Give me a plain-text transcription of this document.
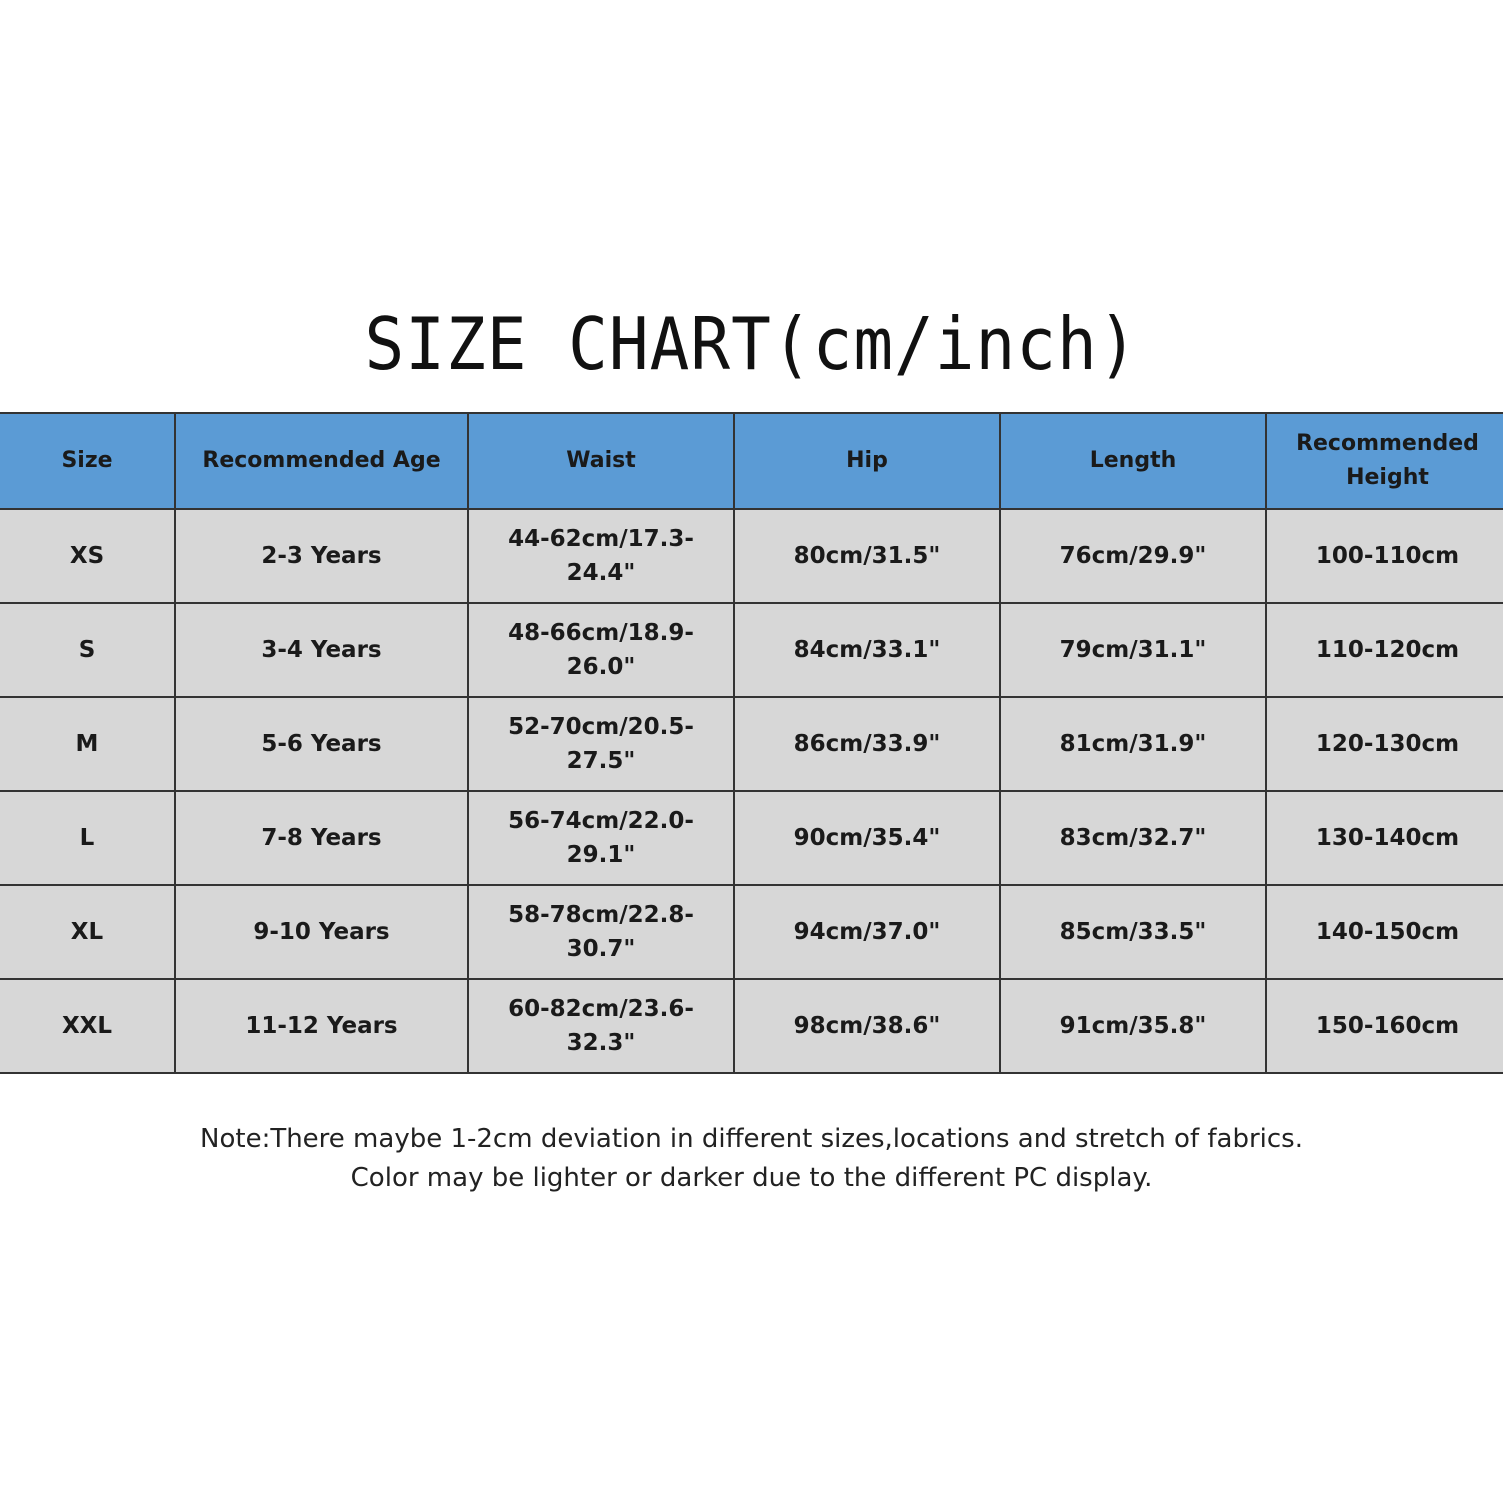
SIZE CHART(cm/inch)
Size	Recommended Age	Waist	Hip	Length	Recommended Height
XS	2-3 Years	44-62cm/17.3-24.4"	80cm/31.5"	76cm/29.9"	100-110cm
S	3-4 Years	48-66cm/18.9-26.0"	84cm/33.1"	79cm/31.1"	110-120cm
M	5-6 Years	52-70cm/20.5-27.5"	86cm/33.9"	81cm/31.9"	120-130cm
L	7-8 Years	56-74cm/22.0-29.1"	90cm/35.4"	83cm/32.7"	130-140cm
XL	9-10 Years	58-78cm/22.8-30.7"	94cm/37.0"	85cm/33.5"	140-150cm
XXL	11-12 Years	60-82cm/23.6-32.3"	98cm/38.6"	91cm/35.8"	150-160cm
Note:There maybe 1-2cm deviation in different sizes,locations and stretch of fabrics.
Color may be lighter or darker due to the different PC display.
